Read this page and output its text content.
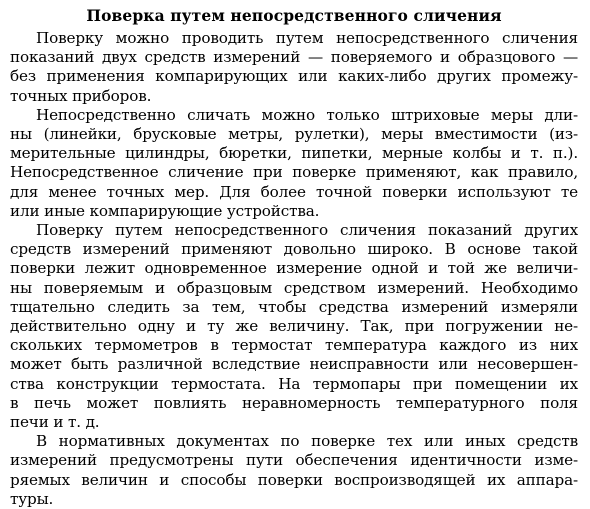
Поверка путем непосредственного сличения
Поверку можно проводить путем непосредственного сличения
показаний двух средств измерений — поверяемого и образцового —
без применения компарирующих или каких-либо других промежу-
точных приборов.
Непосредственно сличать можно только штриховые меры дли-
ны (линейки, брусковые метры, рулетки), меры вместимости (из-
мерительные цилиндры, бюретки, пипетки, мерные колбы и т. п.).
Непосредственное сличение при поверке применяют, как правило,
для менее точных мер. Для более точной поверки используют те
или иные компарирующие устройства.
Поверку путем непосредственного сличения показаний других
средств измерений применяют довольно широко. В основе такой
поверки лежит одновременное измерение одной и той же величи-
ны поверяемым и образцовым средством измерений. Необходимо
тщательно следить за тем, чтобы средства измерений измеряли
действительно одну и ту же величину. Так, при погружении не-
скольких термометров в термостат температура каждого из них
может быть различной вследствие неисправности или несовершен-
ства конструкции термостата. На термопары при помещении их
в печь может повлиять неравномерность температурного поля
печи и т. д.
В нормативных документах по поверке тех или иных средств
измерений предусмотрены пути обеспечения идентичности изме-
ряемых величин и способы поверки воспроизводящей их аппара-
туры.
